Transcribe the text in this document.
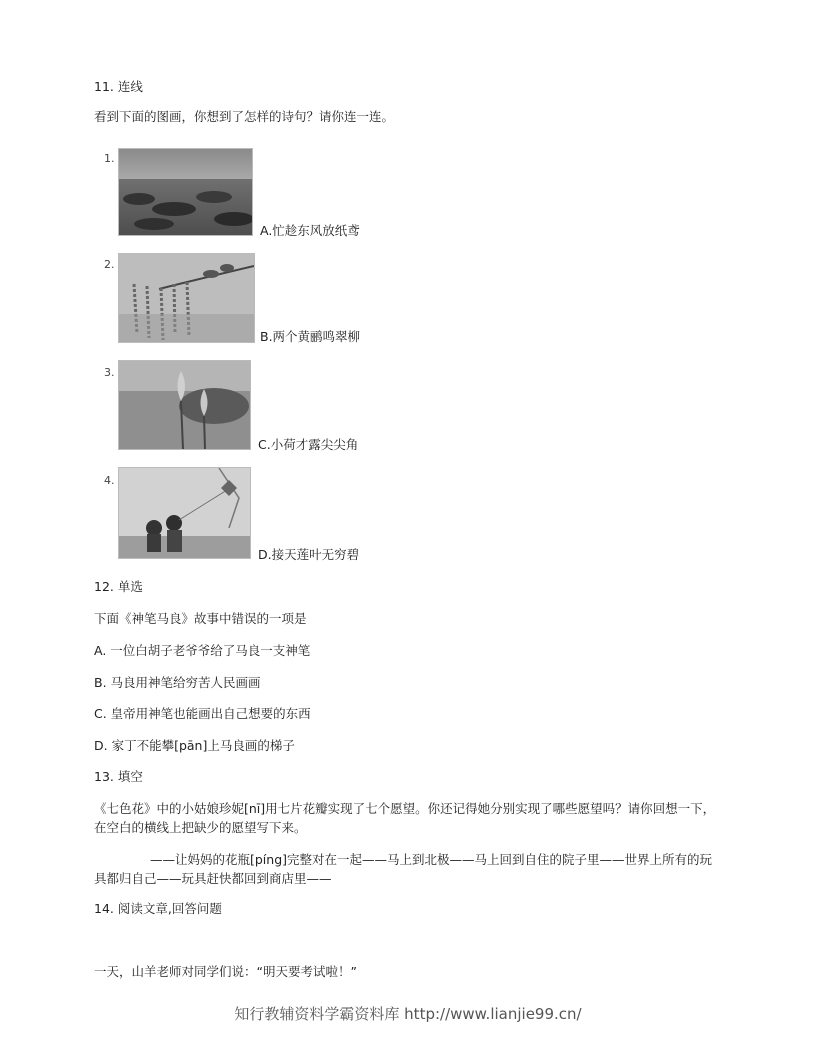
11. 连线
看到下面的图画，你想到了怎样的诗句？请你连一连。
1.
A.忙趁东风放纸鸢
2.
B.两个黄鹂鸣翠柳
3.
C.小荷才露尖尖角
4.
D.接天莲叶无穷碧
12. 单选
下面《神笔马良》故事中错误的一项是
A. 一位白胡子老爷爷给了马良一支神笔
B. 马良用神笔给穷苦人民画画
C. 皇帝用神笔也能画出自己想要的东西
D. 家丁不能攀[pān]上马良画的梯子
13. 填空
《七色花》中的小姑娘珍妮[nī]用七片花瓣实现了七个愿望。你还记得她分别实现了哪些愿望吗？请你回想一下，在空白的横线上把缺少的愿望写下来。
——让妈妈的花瓶[píng]完整对在一起——马上到北极——马上回到自住的院子里——世界上所有的玩具都归自己——玩具赶快都回到商店里——
14. 阅读文章,回答问题
一天，山羊老师对同学们说：“明天要考试啦！”
知行教辅资料学霸资料库 http://www.lianjie99.cn/
